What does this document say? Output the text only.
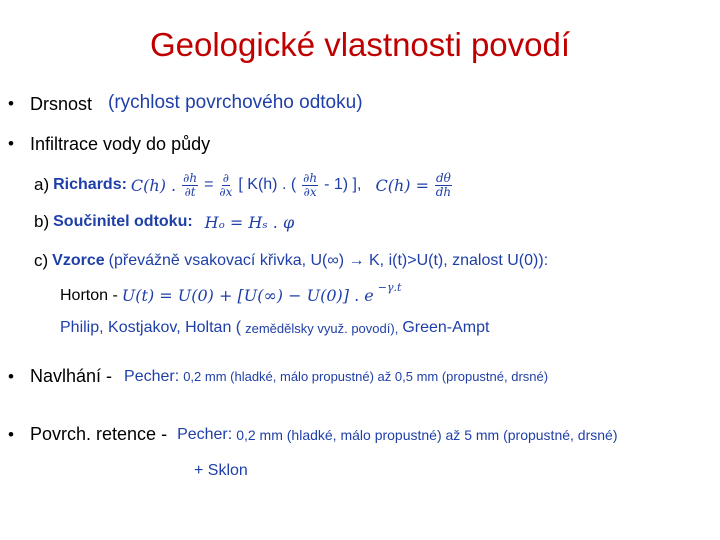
Geologické vlastnosti povodí
• Drsnost (rychlost povrchového odtoku)
• Infiltrace vody do půdy
a) Richards: C(h) . $\frac{\partial h}{\partial t} = \frac{\partial}{\partial x}$ [ K(h) . ( $\frac{\partial h}{\partial x} - 1$) ], $C(h) = \frac{d\theta}{dh}$
b) Součinitel odtoku: Hₒ = Hₛ . φ
c) Vzorce (převážně vsakovací křivka, U(∞) → K, i(t)>U(t), znalost U(0)):
Horton - U(t) = U(0) + [U(∞) − U(0)] . e $^{-\gamma.t}$
Philip, Kostjakov, Holtan ( zemědělsky využ. povodí), Green-Ampt
• Navlhání - Pecher: 0,2 mm (hladké, málo propustné) až 0,5 mm (propustné, drsné)
• Povrch. retence - Pecher: 0,2 mm (hladké, málo propustné) až 5 mm (propustné, drsné)
+ Sklon
